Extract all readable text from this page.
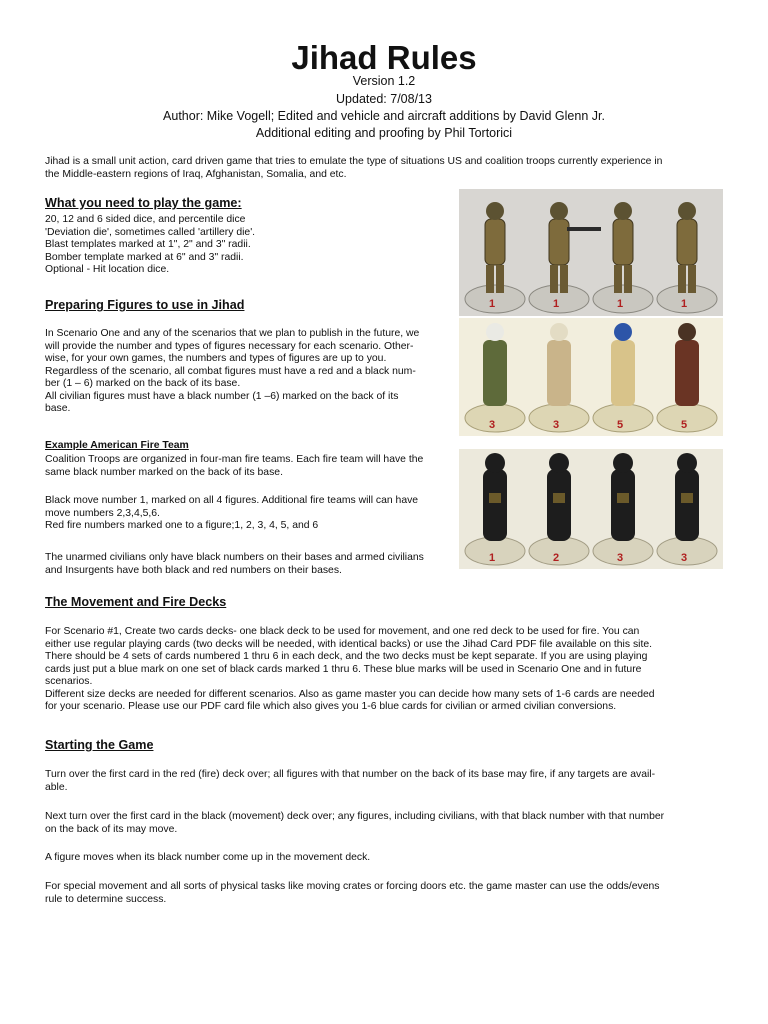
Jihad Rules
Version 1.2
Updated: 7/08/13
Author: Mike Vogell; Edited and vehicle and aircraft additions by David Glenn Jr.
Additional editing and proofing by Phil Tortorici

Jihad is a small unit action, card driven game that tries to emulate the type of situations US and coalition troops currently experience in
the Middle-eastern regions of Iraq, Afghanistan, Somalia, and etc.

What you need to play the game:

20, 12 and 6 sided dice, and percentile dice
'Deviation die', sometimes called 'artillery die'.
Blast templates marked at 1", 2" and 3" radii.
Bomber template marked at 6" and 3" radii.
Optional - Hit location dice.

Preparing Figures to use in Jihad

In Scenario One and any of the scenarios that we plan to publish in the future, we
will provide the number and types of figures necessary for each scenario. Other-
wise, for your own games, the numbers and types of figures are up to you.
Regardless of the scenario, all combat figures must have a red and a black num-
ber (1 – 6) marked on the back of its base.
All civilian figures must have a black number (1 –6) marked on the back of its
base.

Example American Fire Team

Coalition Troops are organized in four-man fire teams. Each fire team will have the
same black number marked on the back of its base.

Black move number 1, marked on all 4 figures. Additional fire teams will can have
move numbers 2,3,4,5,6.
Red fire numbers marked one to a figure;1, 2, 3, 4, 5, and 6

The unarmed civilians only have black numbers on their bases and armed civilians
and Insurgents have both black and red numbers on their bases.

The Movement and Fire Decks

For Scenario #1, Create two cards decks- one black deck to be used for movement, and one red deck to be used for fire. You can
either use regular playing cards (two decks will be needed, with identical backs) or use the Jihad Card PDF file available on this site.
There should be 4 sets of cards numbered 1 thru 6 in each deck, and the two decks must be kept separate. If you are using playing
cards just put a blue mark on one set of black cards marked 1 thru 6. These blue marks will be used in Scenario One and in future
scenarios.
Different size decks are needed for different scenarios. Also as game master you can decide how many sets of 1-6 cards are needed
for your scenario. Please use our PDF card file which also gives you 1-6 blue cards for civilian or armed civilian conversions.

Starting the Game

Turn over the first card in the red (fire) deck over; all figures with that number on the back of its base may fire, if any targets are avail-
able.

Next turn over the first card in the black (movement) deck over; any figures, including civilians, with that black number with that number
on the back of its may move.

A figure moves when its black number come up in the movement deck.

For special movement and all sorts of physical tasks like moving crates or forcing doors etc. the game master can use the odds/evens
rule to determine success.

1	1	1	1
3	3	5	5
1	2	3	3
